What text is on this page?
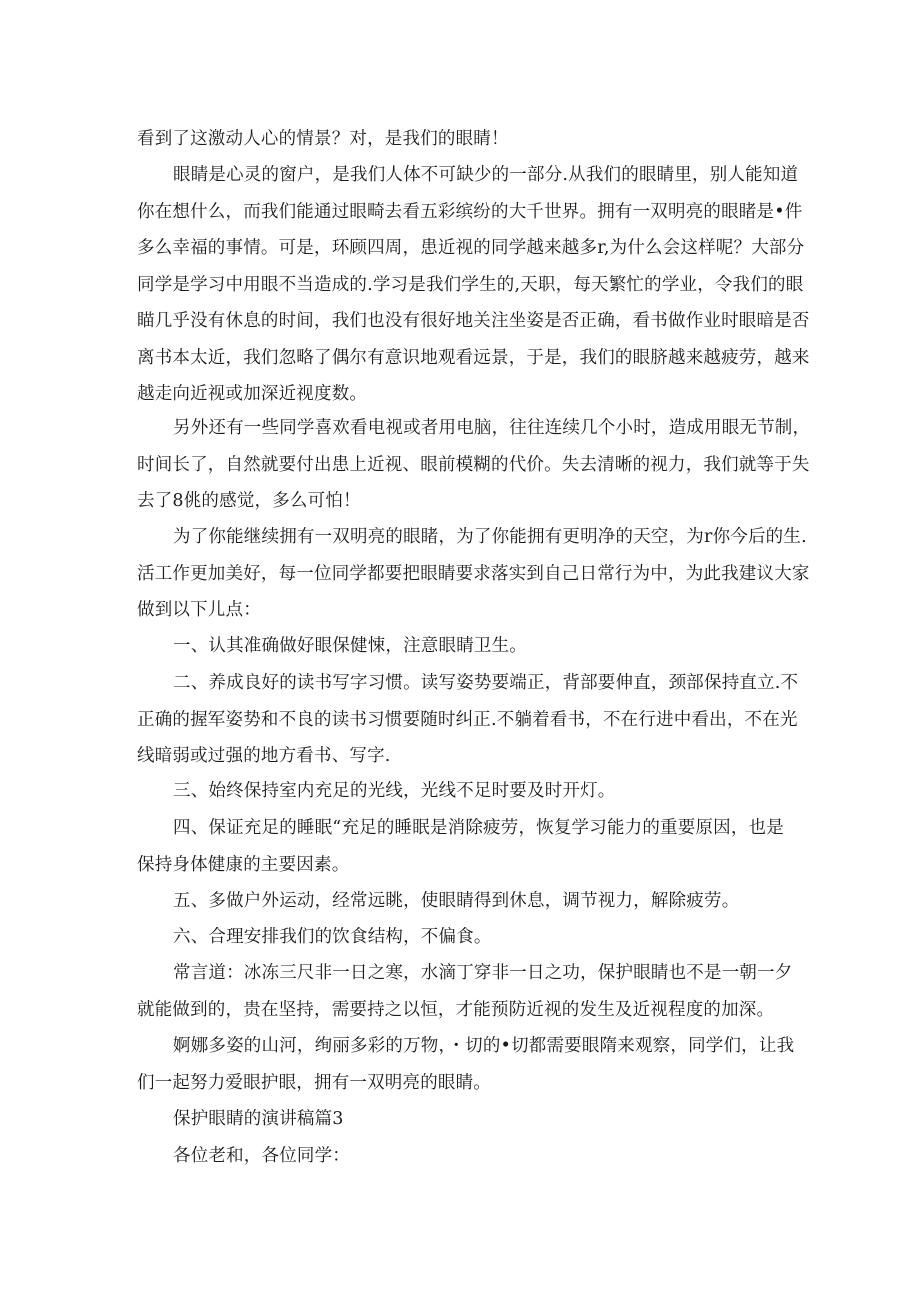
看到了这激动人心的情景？对，是我们的眼睛！

眼睛是心灵的窗户，是我们人体不可缺少的一部分.从我们的眼睛里，别人能知道
你在想什么，而我们能通过眼畸去看五彩缤纷的大千世界。拥有一双明亮的眼睹是•件
多么幸福的事情。可是，环顾四周，患近视的同学越来越多r,为什么会这样呢？大部分
同学是学习中用眼不当造成的.学习是我们学生的,天职，每天繁忙的学业，令我们的眼
瞄几乎没有休息的时间，我们也没有很好地关注坐姿是否正确，看书做作业时眼暗是否
离书本太近，我们忽略了偶尔有意识地观看远景，于是，我们的眼脐越来越疲劳，越来
越走向近视或加深近视度数。

另外还有一些同学喜欢看电视或者用电脑，往往连续几个小时，造成用眼无节制，
时间长了，自然就要付出患上近视、眼前模糊的代价。失去清晰的视力，我们就等于失
去了8佻的感觉，多么可怕！

为了你能继续拥有一双明亮的眼睹，为了你能拥有更明净的天空，为r你今后的生.
活工作更加美好，每一位同学都要把眼睛要求落实到自己日常行为中，为此我建议大家
做到以下儿点：

一、认其准确做好眼保健悚，注意眼睛卫生。

二、养成良好的读书写字习惯。读写姿势要端正，背部要伸直，颈部保持直立.不
正确的握军姿势和不良的读书习惯要随时纠正.不躺着看书，不在行进中看出，不在光
线暗弱或过强的地方看书、写字.

三、始终保持室内充足的光线，光线不足时要及时开灯。

四、保证充足的睡眠“充足的睡眠是消除疲劳，恢复学习能力的重要原因，也是
保持身体健康的主要因素。

五、多做户外运动，经常远眺，使眼睛得到休息，调节视力，解除疲劳。

六、合理安排我们的饮食结构，不偏食。

常言道：冰冻三尺非一日之寒，水滴丁穿非一日之功，保护眼睛也不是一朝一夕
就能做到的，贵在坚持，需要持之以恒，才能预防近视的发生及近视程度的加深。

婀娜多姿的山河，绚丽多彩的万物，・切的•切都需要眼隋来观察，同学们，让我
们一起努力爱眼护眼，拥有一双明亮的眼睛。

保护眼睛的演讲稿篇3

各位老和，各位同学：
